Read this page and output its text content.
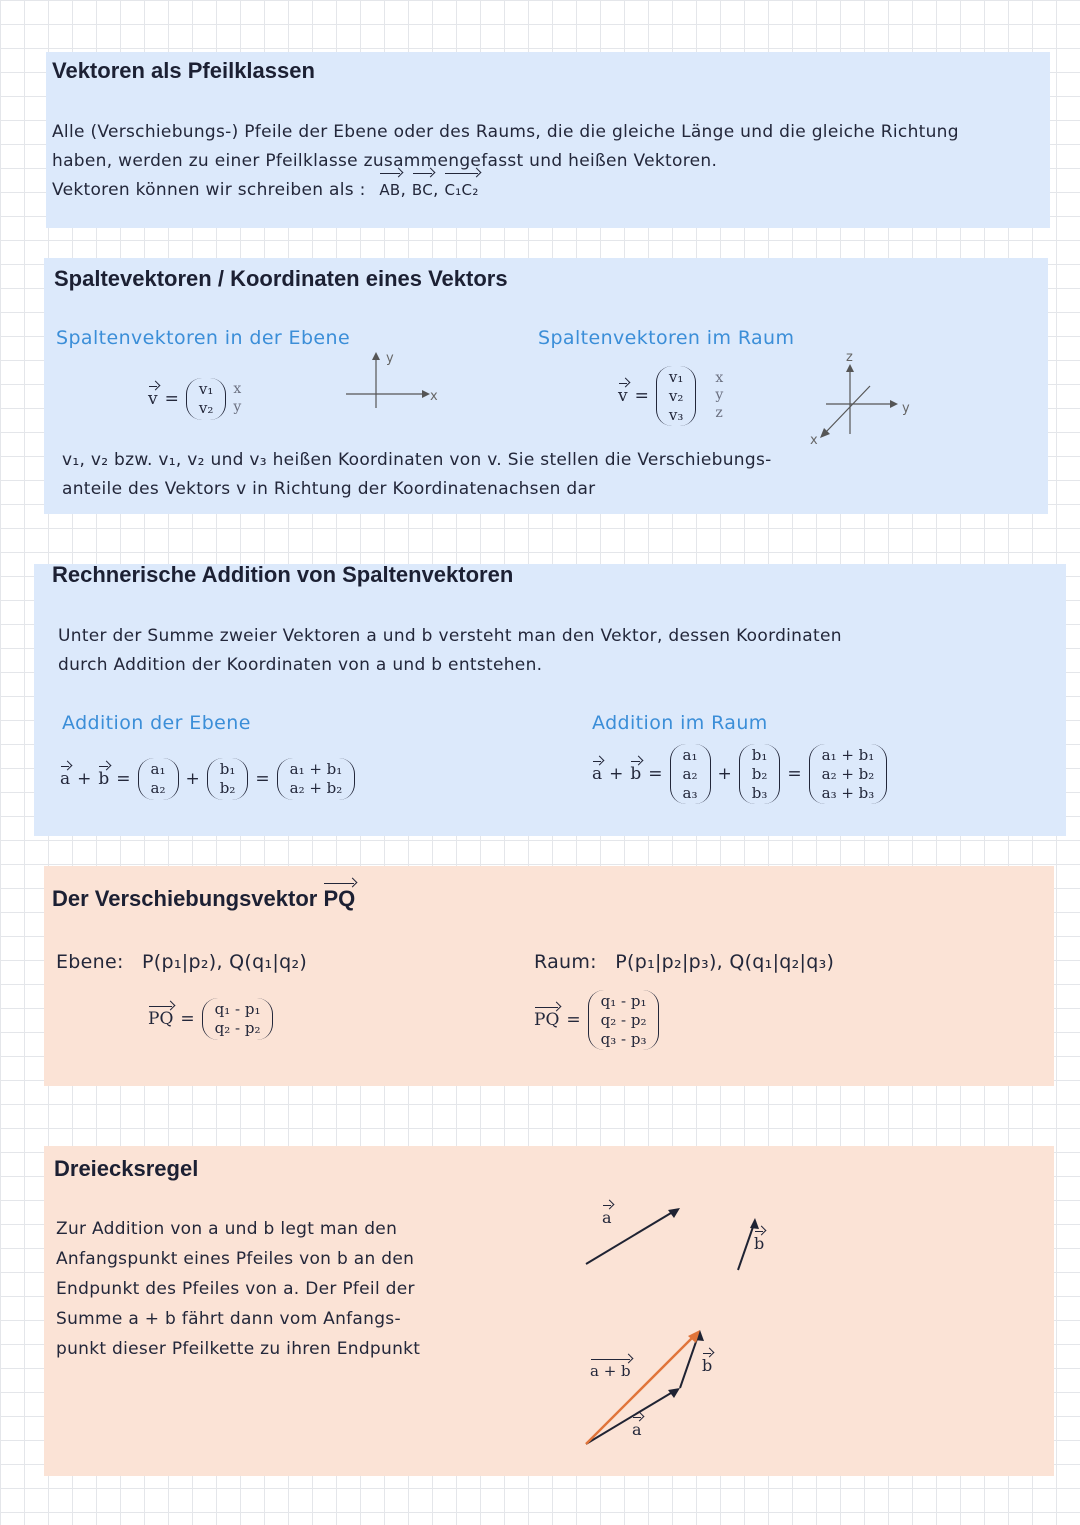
Vektoren als Pfeilklassen
Alle (Verschiebungs-) Pfeile der Ebene oder des Raums, die die gleiche Länge und die gleiche Richtung
haben, werden zu einer Pfeilklasse zusammengefasst und heißen Vektoren.
Vektoren können wir schreiben als : AB, BC, C₁C₂
Spaltevektoren / Koordinaten eines Vektors
Spaltenvektoren in der Ebene	Spaltenvektoren im Raum
v = v₁
v₂
x
y
y
x	v =
v₁
v₂
v₃
x
y
z
z
y
x
v₁, v₂ bzw. v₁, v₂ und v₃ heißen Koordinaten von v. Sie stellen die Verschiebungs-
anteile des Vektors v in Richtung der Koordinatenachsen dar
Rechnerische Addition von Spaltenvektoren
Unter der Summe zweier Vektoren a und b versteht man den Vektor, dessen Koordinaten
durch Addition der Koordinaten von a und b entstehen.
Addition der Ebene	Addition im Raum
a + b = a₁
a₂ + b₁
b₂ = a₁ + b₁
a₂ + b₂
a + b =
a₁
a₂
a₃
+
b₁
b₂
b₃
=
a₁ + b₁
a₂ + b₂
a₃ + b₃
Der Verschiebungsvektor PQ
Ebene: P(p₁|p₂), Q(q₁|q₂)
PQ = q₁ - p₁
q₂ - p₂
Raum: P(p₁|p₂|p₃), Q(q₁|q₂|q₃)
PQ =
q₁ - p₁
q₂ - p₂
q₃ - p₃
Dreiecksregel
Zur Addition von a und b legt man den
Anfangspunkt eines Pfeiles von b an den
Endpunkt des Pfeiles von a. Der Pfeil der
Summe a + b fährt dann vom Anfangs-
punkt dieser Pfeilkette zu ihren Endpunkt
a
b
a + b	b
a
